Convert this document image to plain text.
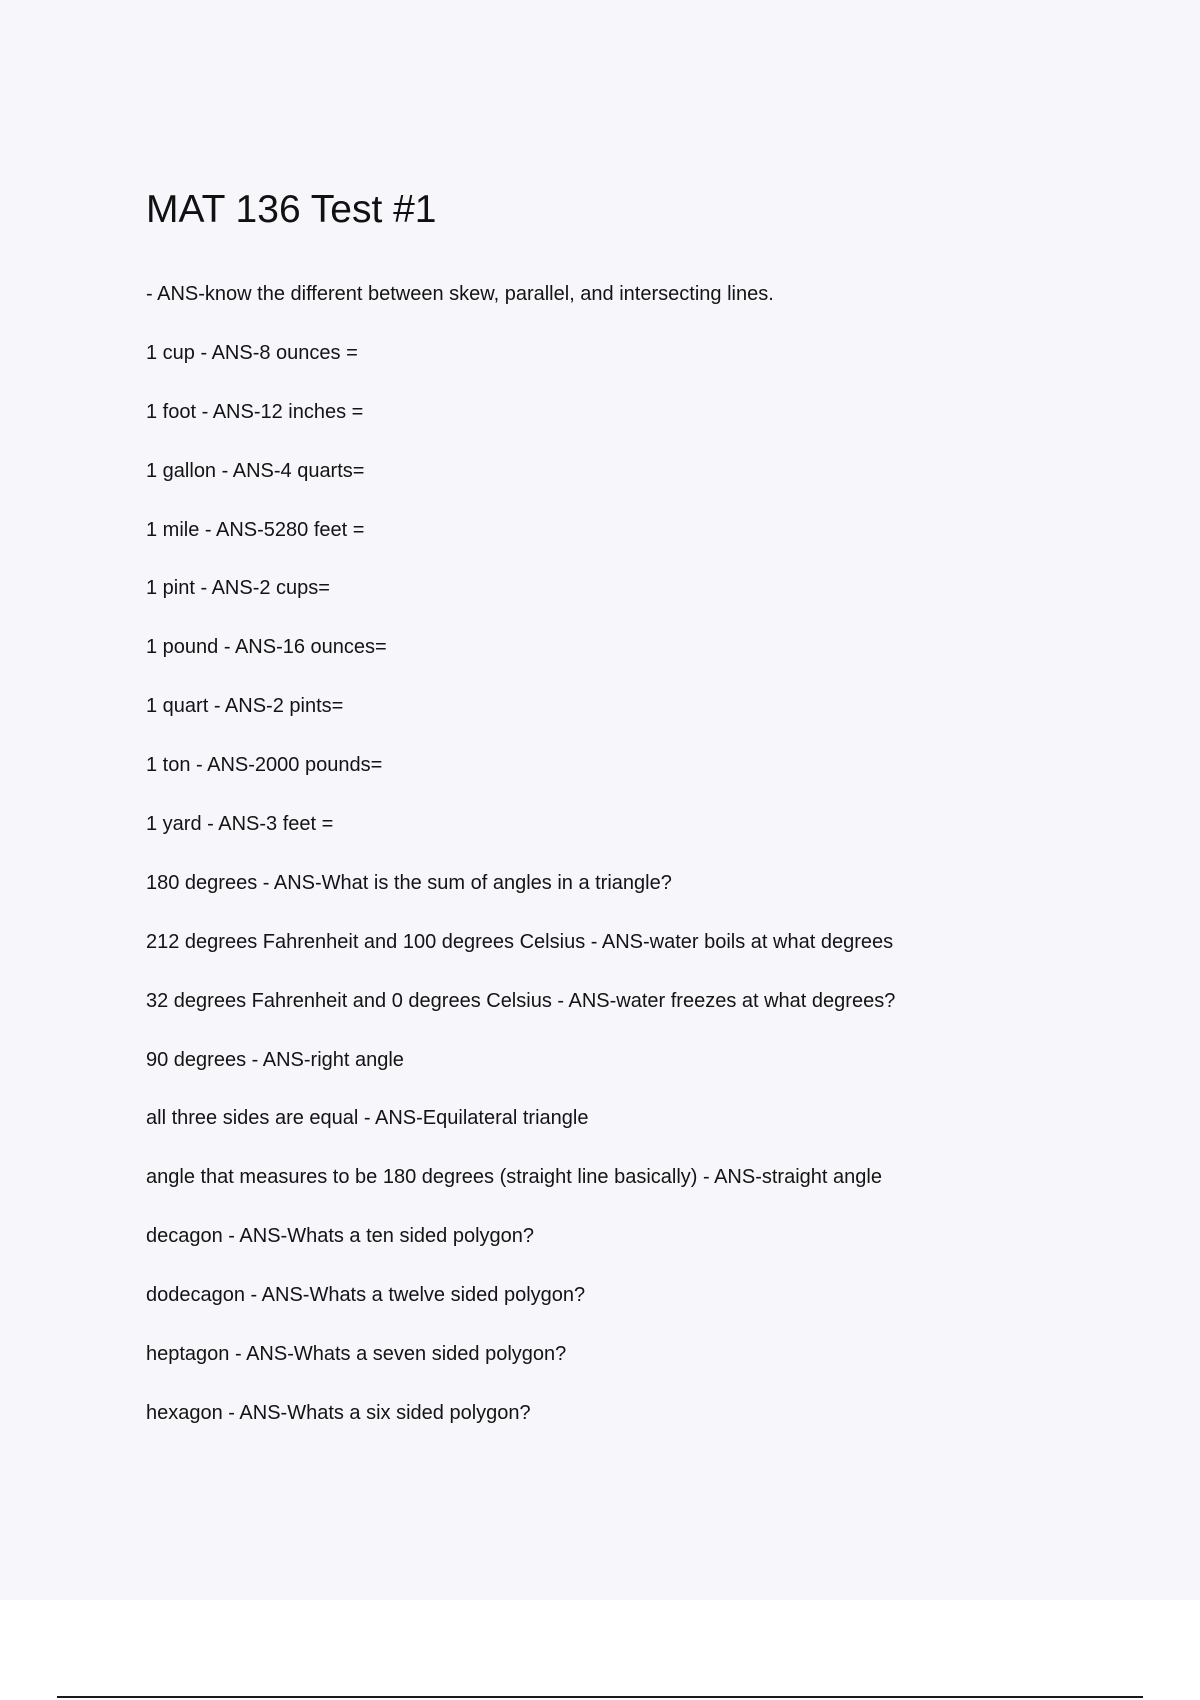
MAT 136 Test #1
- ANS-know the different between skew, parallel, and intersecting lines.
1 cup - ANS-8 ounces =
1 foot - ANS-12 inches =
1 gallon - ANS-4 quarts=
1 mile - ANS-5280 feet =
1 pint - ANS-2 cups=
1 pound - ANS-16 ounces=
1 quart - ANS-2 pints=
1 ton - ANS-2000 pounds=
1 yard - ANS-3 feet =
180 degrees - ANS-What is the sum of angles in a triangle?
212 degrees Fahrenheit and 100 degrees Celsius - ANS-water boils at what degrees
32 degrees Fahrenheit and 0 degrees Celsius - ANS-water freezes at what degrees?
90 degrees - ANS-right angle
all three sides are equal - ANS-Equilateral triangle
angle that measures to be 180 degrees (straight line basically) - ANS-straight angle
decagon - ANS-Whats a ten sided polygon?
dodecagon - ANS-Whats a twelve sided polygon?
heptagon - ANS-Whats a seven sided polygon?
hexagon - ANS-Whats a six sided polygon?
